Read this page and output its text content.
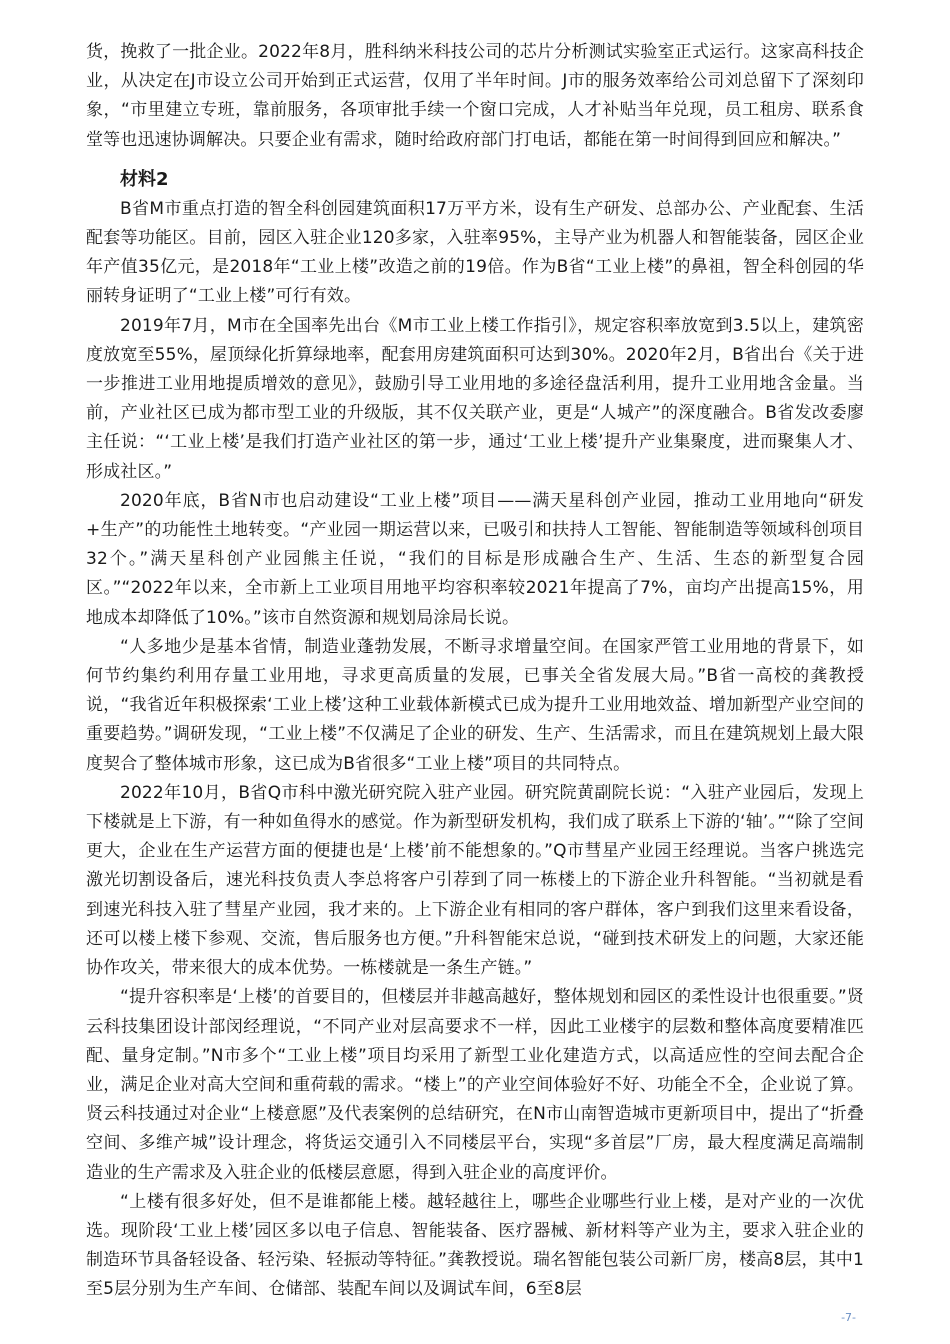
货，挽救了一批企业。2022年8月，胜科纳米科技公司的芯片分析测试实验室正式运行。这家高科技企业，从决定在J市设立公司开始到正式运营，仅用了半年时间。J市的服务效率给公司刘总留下了深刻印象，“市里建立专班，靠前服务，各项审批手续一个窗口完成，人才补贴当年兑现，员工租房、联系食堂等也迅速协调解决。只要企业有需求，随时给政府部门打电话，都能在第一时间得到回应和解决。”

材料2

B省M市重点打造的智全科创园建筑面积17万平方米，设有生产研发、总部办公、产业配套、生活配套等功能区。目前，园区入驻企业120多家，入驻率95%，主导产业为机器人和智能装备，园区企业年产值35亿元，是2018年“工业上楼”改造之前的19倍。作为B省“工业上楼”的鼻祖，智全科创园的华丽转身证明了“工业上楼”可行有效。

2019年7月，M市在全国率先出台《M市工业上楼工作指引》，规定容积率放宽到3.5以上，建筑密度放宽至55%，屋顶绿化折算绿地率，配套用房建筑面积可达到30%。2020年2月，B省出台《关于进一步推进工业用地提质增效的意见》，鼓励引导工业用地的多途径盘活利用，提升工业用地含金量。当前，产业社区已成为都市型工业的升级版，其不仅关联产业，更是“人城产”的深度融合。B省发改委廖主任说：“‘工业上楼’是我们打造产业社区的第一步，通过‘工业上楼’提升产业集聚度，进而聚集人才、形成社区。”

2020年底，B省N市也启动建设“工业上楼”项目——满天星科创产业园，推动工业用地向“研发+生产”的功能性土地转变。“产业园一期运营以来，已吸引和扶持人工智能、智能制造等领域科创项目32个。”满天星科创产业园熊主任说，“我们的目标是形成融合生产、生活、生态的新型复合园区。”“2022年以来，全市新上工业项目用地平均容积率较2021年提高了7%，亩均产出提高15%，用地成本却降低了10%。”该市自然资源和规划局涂局长说。

“人多地少是基本省情，制造业蓬勃发展，不断寻求增量空间。在国家严管工业用地的背景下，如何节约集约利用存量工业用地，寻求更高质量的发展，已事关全省发展大局。”B省一高校的龚教授说，“我省近年积极探索‘工业上楼’这种工业载体新模式已成为提升工业用地效益、增加新型产业空间的重要趋势。”调研发现，“工业上楼”不仅满足了企业的研发、生产、生活需求，而且在建筑规划上最大限度契合了整体城市形象，这已成为B省很多“工业上楼”项目的共同特点。

2022年10月，B省Q市科中激光研究院入驻产业园。研究院黄副院长说：“入驻产业园后，发现上下楼就是上下游，有一种如鱼得水的感觉。作为新型研发机构，我们成了联系上下游的‘轴’。”“除了空间更大，企业在生产运营方面的便捷也是‘上楼’前不能想象的。”Q市彗星产业园王经理说。当客户挑选完激光切割设备后，速光科技负责人李总将客户引荐到了同一栋楼上的下游企业升科智能。“当初就是看到速光科技入驻了彗星产业园，我才来的。上下游企业有相同的客户群体，客户到我们这里来看设备，还可以楼上楼下参观、交流，售后服务也方便。”升科智能宋总说，“碰到技术研发上的问题，大家还能协作攻关，带来很大的成本优势。一栋楼就是一条生产链。”

“提升容积率是‘上楼’的首要目的，但楼层并非越高越好，整体规划和园区的柔性设计也很重要。”贤云科技集团设计部闵经理说，“不同产业对层高要求不一样，因此工业楼宇的层数和整体高度要精准匹配、量身定制。”N市多个“工业上楼”项目均采用了新型工业化建造方式，以高适应性的空间去配合企业，满足企业对高大空间和重荷载的需求。“楼上”的产业空间体验好不好、功能全不全，企业说了算。贤云科技通过对企业“上楼意愿”及代表案例的总结研究，在N市山南智造城市更新项目中，提出了“折叠空间、多维产城”设计理念，将货运交通引入不同楼层平台，实现“多首层”厂房，最大程度满足高端制造业的生产需求及入驻企业的低楼层意愿，得到入驻企业的高度评价。

“上楼有很多好处，但不是谁都能上楼。越轻越往上，哪些企业哪些行业上楼，是对产业的一次优选。现阶段‘工业上楼’园区多以电子信息、智能装备、医疗器械、新材料等产业为主，要求入驻企业的制造环节具备轻设备、轻污染、轻振动等特征。”龚教授说。瑞名智能包装公司新厂房，楼高8层，其中1至5层分别为生产车间、仓储部、装配车间以及调试车间，6至8层

-7-
